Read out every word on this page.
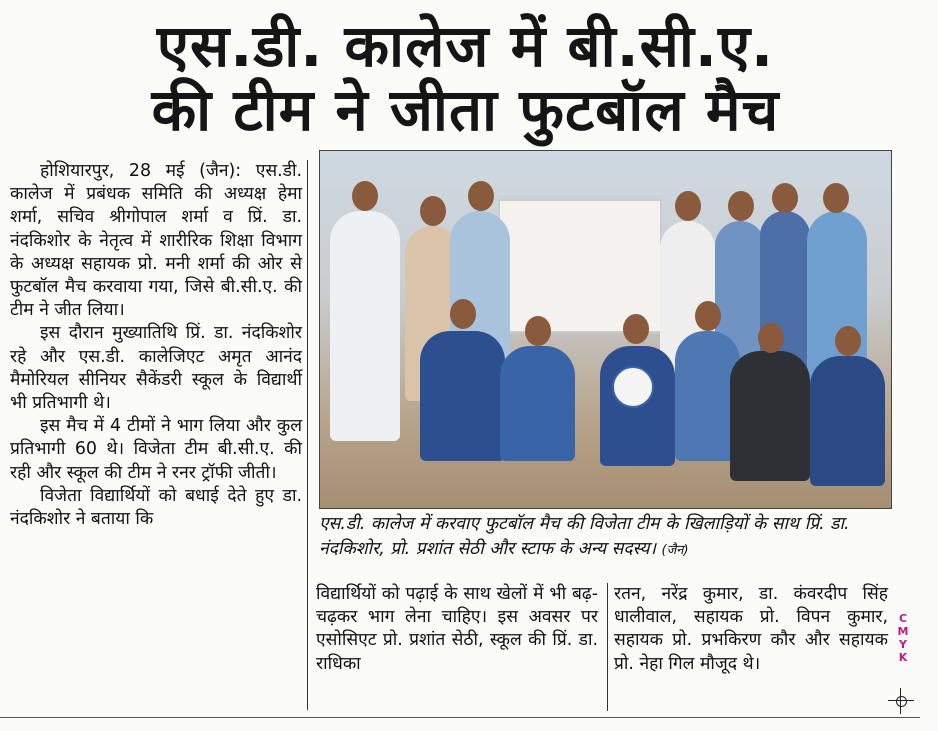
एस.डी. कालेज में बी.सी.ए.
की टीम ने जीता फुटबॉल मैच

होशियारपुर, 28 मई (जैन): एस.डी. कालेज में प्रबंधक समिति की अध्यक्ष हेमा शर्मा, सचिव श्रीगोपाल शर्मा व प्रिं. डा. नंदकिशोर के नेतृत्व में शारीरिक शिक्षा विभाग के अध्यक्ष सहायक प्रो. मनी शर्मा की ओर से फुटबॉल मैच करवाया गया, जिसे बी.सी.ए. की टीम ने जीत लिया।

इस दौरान मुख्यातिथि प्रिं. डा. नंदकिशोर रहे और एस.डी. कालेजिएट अमृत आनंद मैमोरियल सीनियर सैकेंडरी स्कूल के विद्यार्थी भी प्रतिभागी थे।

इस मैच में 4 टीमों ने भाग लिया और कुल प्रतिभागी 60 थे। विजेता टीम बी.सी.ए. की रही और स्कूल की टीम ने रनर ट्रॉफी जीती।

विजेता विद्यार्थियों को बधाई देते हुए डा. नंदकिशोर ने बताया कि	एस.डी. कालेज में करवाए फुटबॉल मैच की विजेता टीम के खिलाड़ियों के साथ प्रिं. डा. नंदकिशोर, प्रो. प्रशांत सेठी और स्टाफ के अन्य सदस्य। (जैन)
विद्यार्थियों को पढ़ाई के साथ खेलों में भी बढ़-चढ़कर भाग लेना चाहिए। इस अवसर पर एसोसिएट प्रो. प्रशांत सेठी, स्कूल की प्रिं. डा. राधिका
रतन, नरेंद्र कुमार, डा. कंवरदीप सिंह धालीवाल, सहायक प्रो. विपन कुमार, सहायक प्रो. प्रभकिरण कौर और सहायक प्रो. नेहा गिल मौजूद थे।
CMYK
